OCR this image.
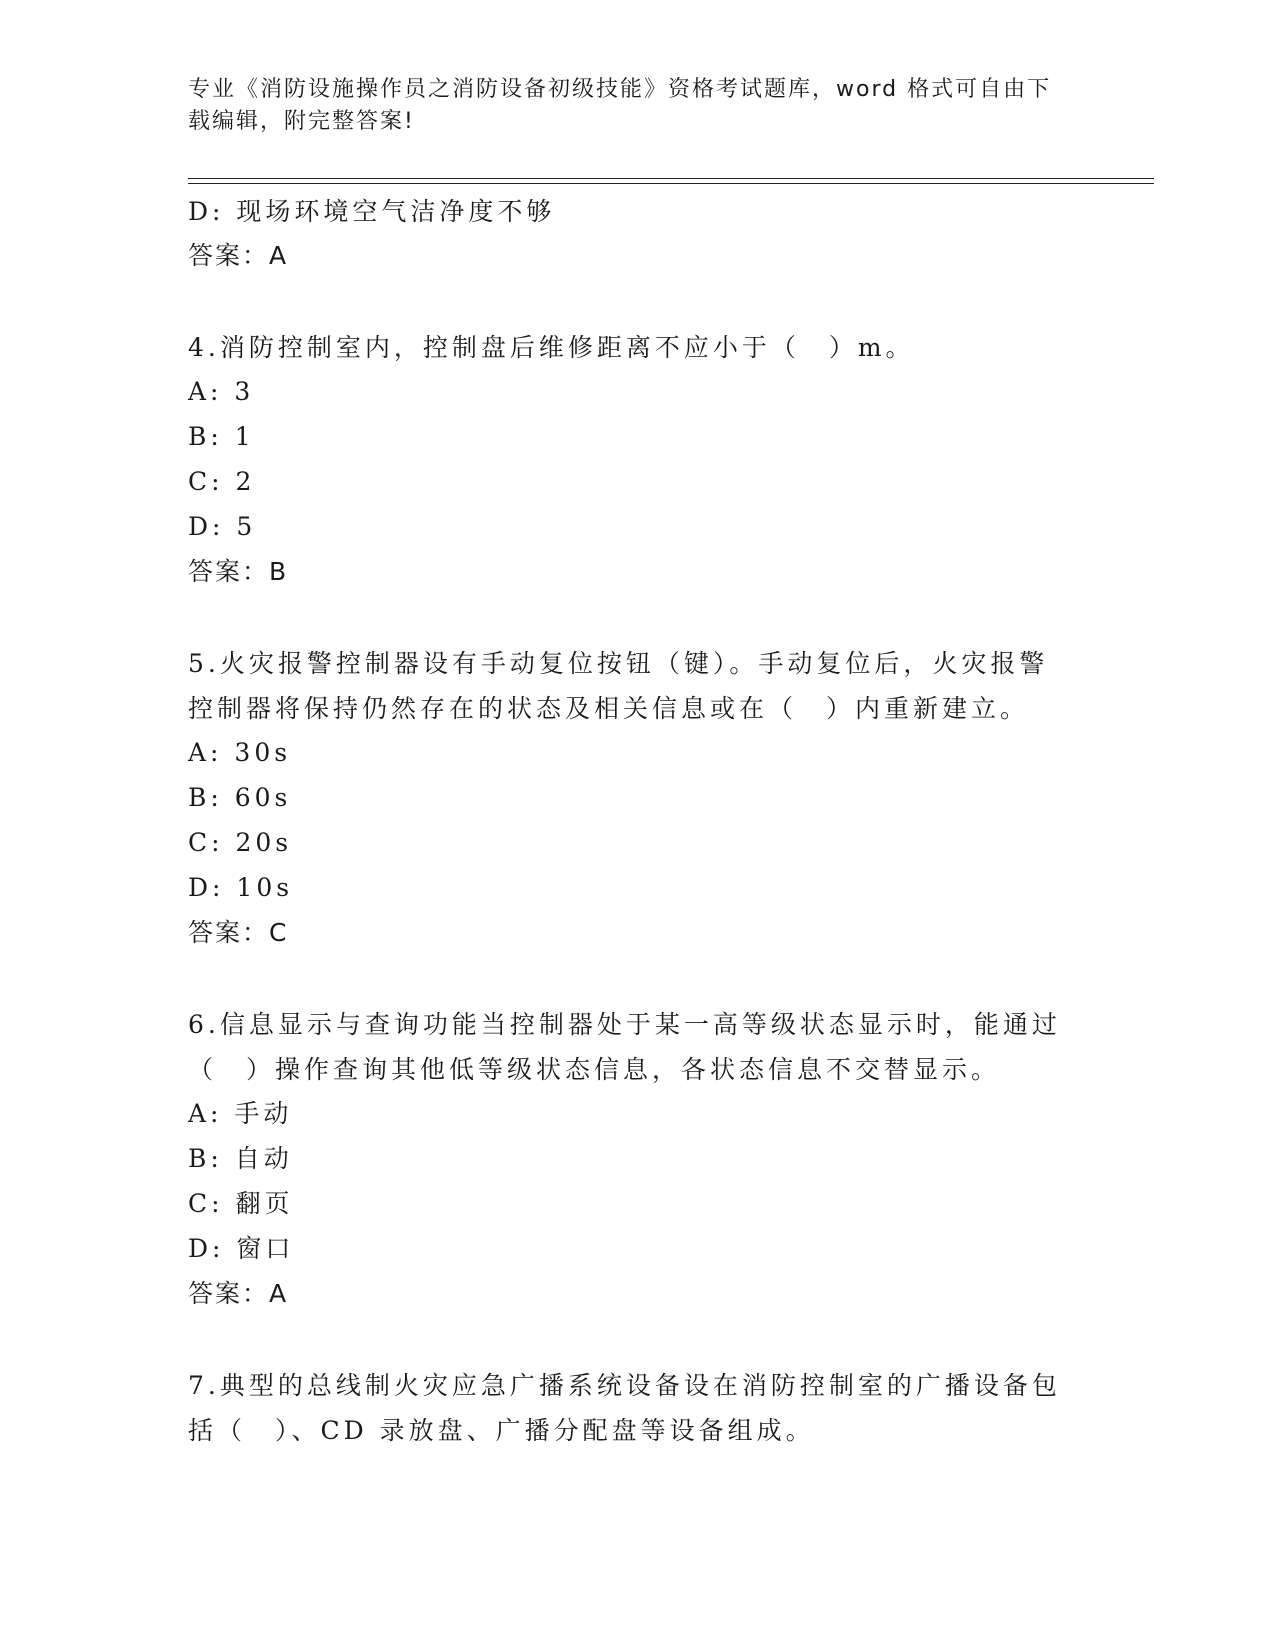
专业《消防设施操作员之消防设备初级技能》资格考试题库，word 格式可自由下
载编辑，附完整答案!
D: 现场环境空气洁净度不够
答案：A
4.消防控制室内，控制盘后维修距离不应小于（　）m。
A: 3
B: 1
C: 2
D: 5
答案：B
5.火灾报警控制器设有手动复位按钮（键）。手动复位后，火灾报警
控制器将保持仍然存在的状态及相关信息或在（　）内重新建立。
A: 30s
B: 60s
C: 20s
D: 10s
答案：C
6.信息显示与查询功能当控制器处于某一高等级状态显示时，能通过
（　）操作查询其他低等级状态信息，各状态信息不交替显示。
A: 手动
B: 自动
C: 翻页
D: 窗口
答案：A
7.典型的总线制火灾应急广播系统设备设在消防控制室的广播设备包
括（　）、CD 录放盘、广播分配盘等设备组成。
